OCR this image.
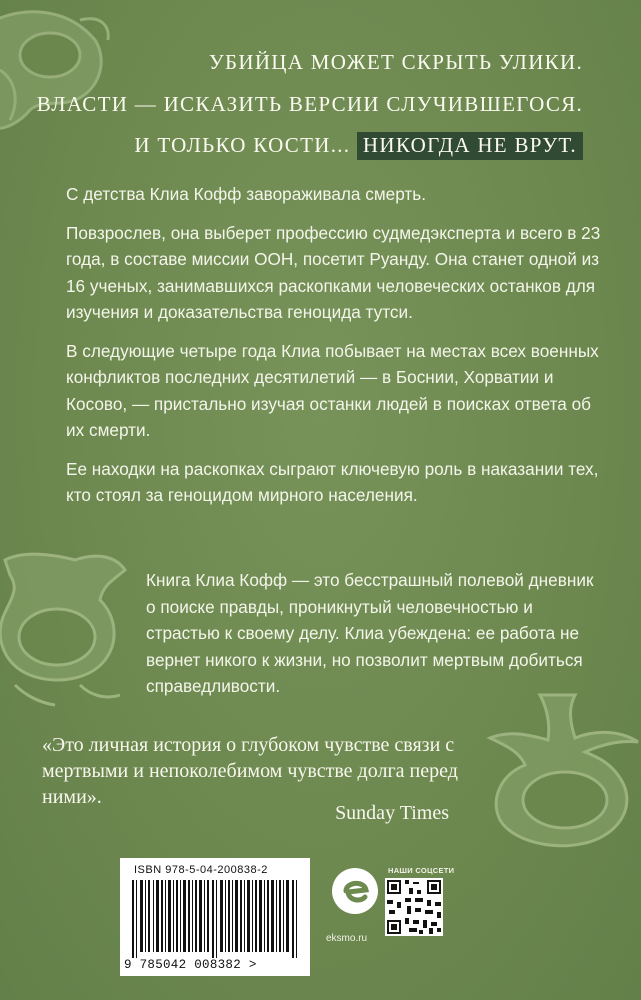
УБИЙЦА МОЖЕТ СКРЫТЬ УЛИКИ.
ВЛАСТИ — ИСКАЗИТЬ ВЕРСИИ СЛУЧИВШЕГОСЯ.
И ТОЛЬКО КОСТИ... НИКОГДА НЕ ВРУТ.

С детства Клиа Кофф завораживала смерть.

Повзрослев, она выберет профессию судмедэксперта и всего в 23 года, в составе миссии ООН, посетит Руанду. Она станет одной из 16 ученых, занимавшихся раскопками человеческих останков для изучения и доказательства геноцида тутси.

В следующие четыре года Клиа побывает на местах всех военных конфликтов последних десятилетий — в Боснии, Хорватии и Косово, — пристально изучая останки людей в поисках ответа об их смерти.

Ее находки на раскопках сыграют ключевую роль в наказании тех, кто стоял за геноцидом мирного населения.

Книга Клиа Кофф — это бесстрашный полевой дневник о поиске правды, проникнутый человечностью и страстью к своему делу. Клиа убеждена: ее работа не вернет никого к жизни, но позволит мертвым добиться справедливости.

«Это личная история о глубоком чувстве связи с мертвыми и непоколебимом чувстве долга перед ними».

Sunday Times
ISBN 978-5-04-200838-2
9 785042 008382 >
eksmo.ru
НАШИ СОЦСЕТИ
